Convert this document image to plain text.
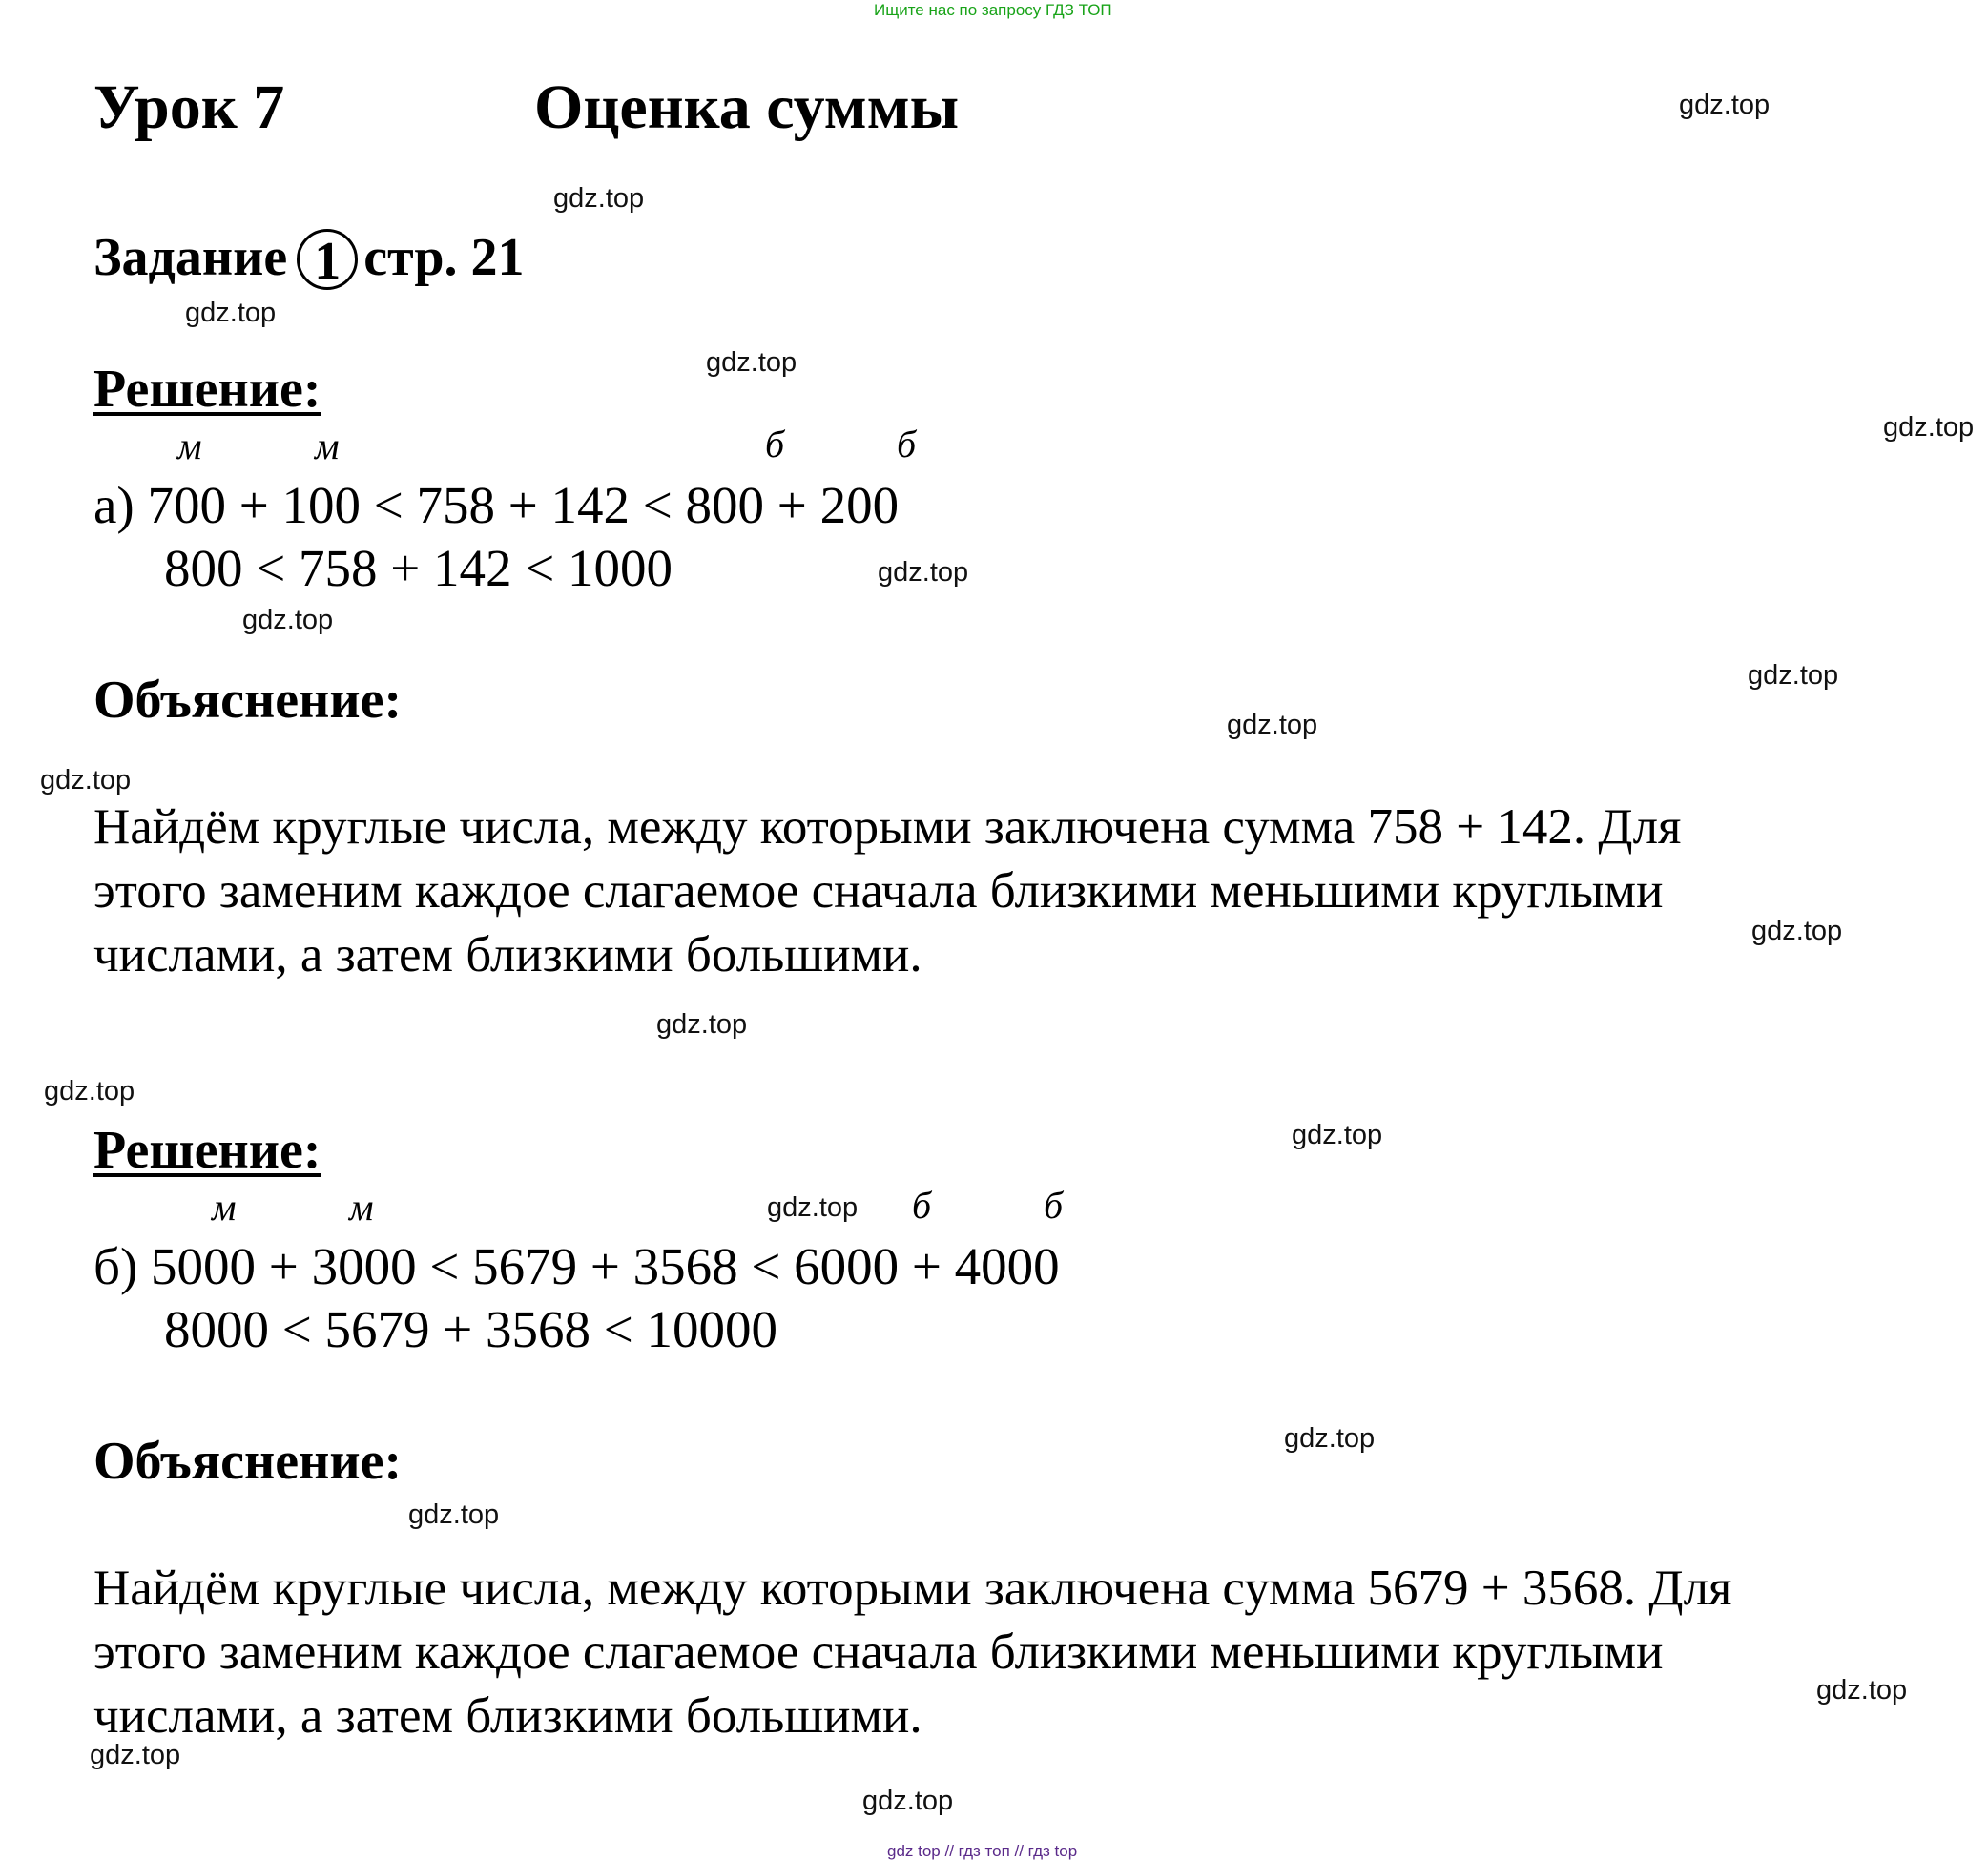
Ищите нас по запросу ГДЗ ТОП
Урок 7	Оценка суммы
Задание 1 стр. 21
Решение:
м	м	б	б
а) 700 + 100 < 758 + 142 < 800 + 200
800 < 758 + 142 < 1000
Объяснение:
Найдём круглые числа, между которыми заключена сумма 758 + 142. Для
этого заменим каждое слагаемое сначала близкими меньшими круглыми
числами, а затем близкими большими.
Решение:
м	м	б	б
б) 5000 + 3000 < 5679 + 3568 < 6000 + 4000
8000 < 5679 + 3568 < 10000
Объяснение:
Найдём круглые числа, между которыми заключена сумма 5679 + 3568. Для
этого заменим каждое слагаемое сначала близкими меньшими круглыми
числами, а затем близкими большими.
gdz.top
gdz.top
gdz.top
gdz.top
gdz.top
gdz.top
gdz.top
gdz.top
gdz.top
gdz.top
gdz.top
gdz.top
gdz.top
gdz.top
gdz.top
gdz.top
gdz.top
gdz.top
gdz.top
gdz.top
gdz top // гдз топ // гдз top
